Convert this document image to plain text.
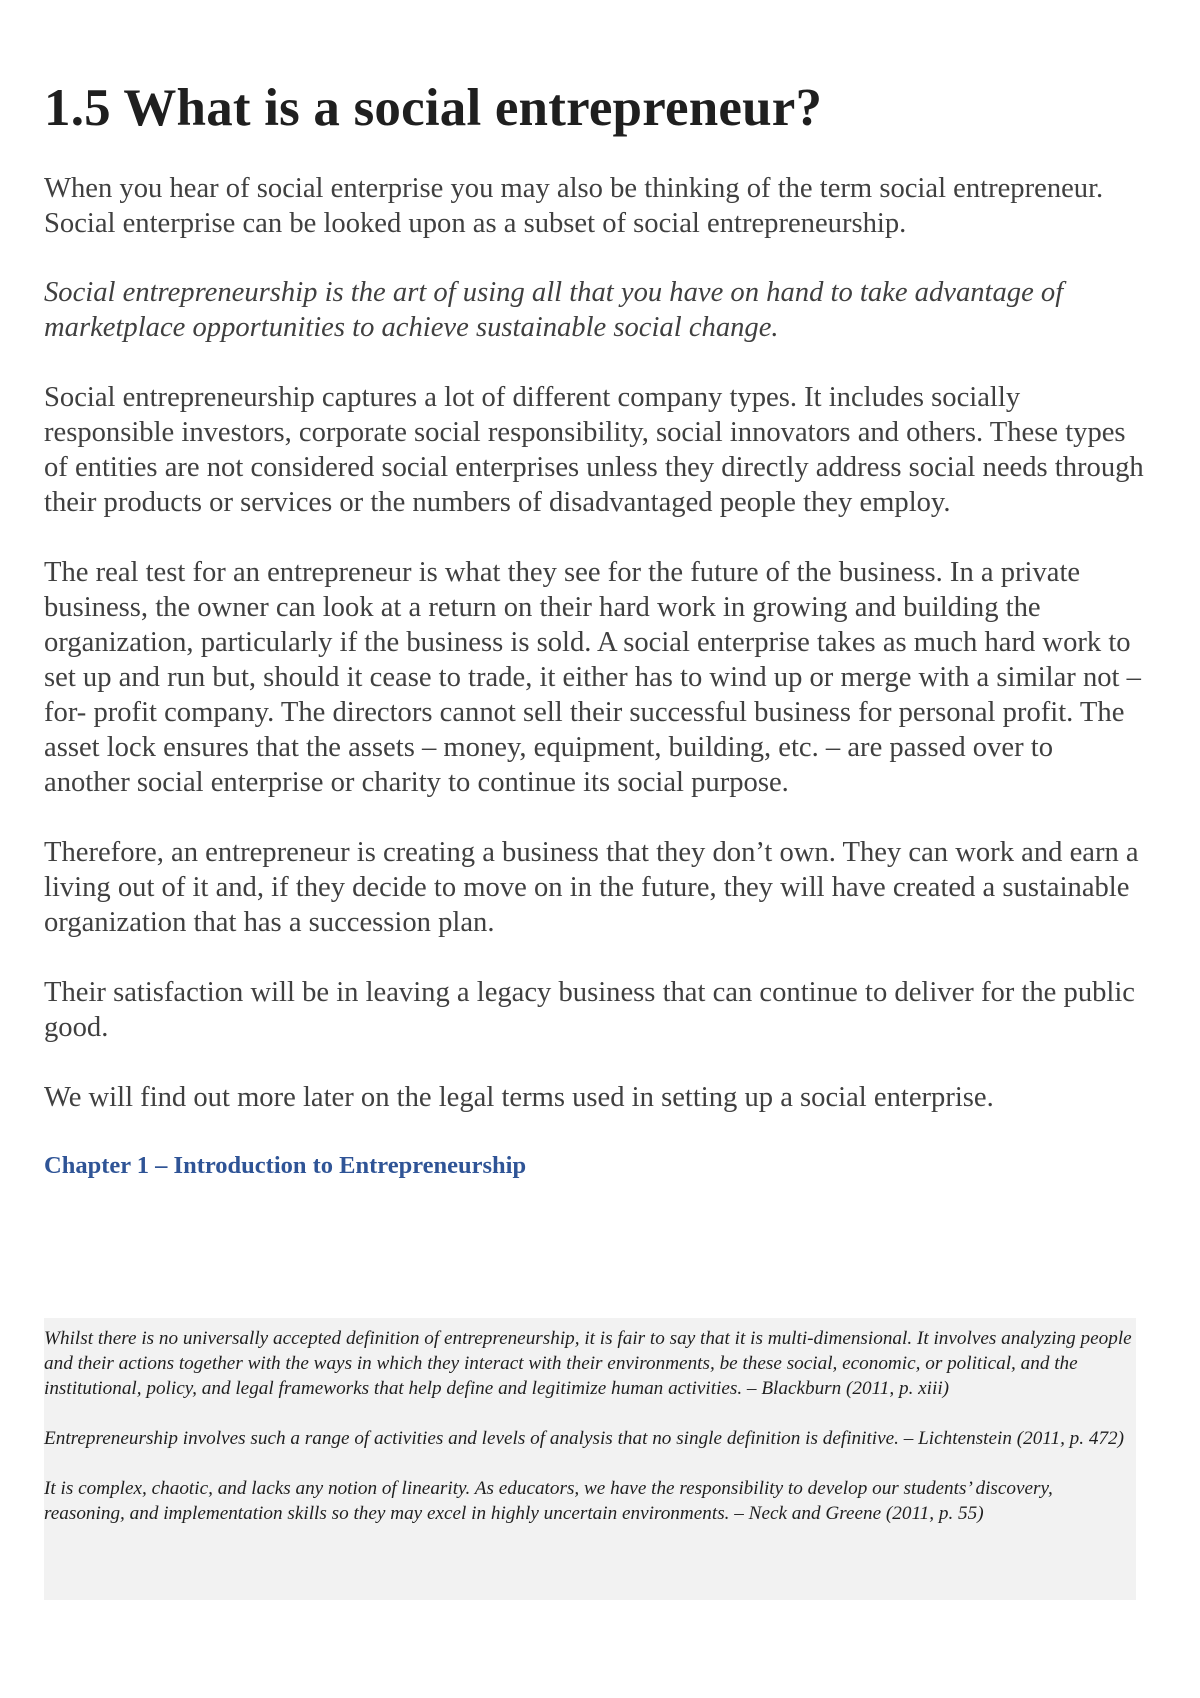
1.5 What is a social entrepreneur?

When you hear of social enterprise you may also be thinking of the term social entrepreneur. Social enterprise can be looked upon as a subset of social entrepreneurship.

Social entrepreneurship is the art of using all that you have on hand to take advantage of marketplace opportunities to achieve sustainable social change.

Social entrepreneurship captures a lot of different company types. It includes socially responsible investors, corporate social responsibility, social innovators and others. These types of entities are not considered social enterprises unless they directly address social needs through their products or services or the numbers of disadvantaged people they employ.

The real test for an entrepreneur is what they see for the future of the business. In a private business, the owner can look at a return on their hard work in growing and building the organization, particularly if the business is sold. A social enterprise takes as much hard work to set up and run but, should it cease to trade, it either has to wind up or merge with a similar not –for- profit company. The directors cannot sell their successful business for personal profit. The asset lock ensures that the assets – money, equipment, building, etc. – are passed over to another social enterprise or charity to continue its social purpose.

Therefore, an entrepreneur is creating a business that they don’t own. They can work and earn a living out of it and, if they decide to move on in the future, they will have created a sustainable organization that has a succession plan.

Their satisfaction will be in leaving a legacy business that can continue to deliver for the public good.

We will find out more later on the legal terms used in setting up a social enterprise.

Chapter 1 – Introduction to Entrepreneurship

Whilst there is no universally accepted definition of entrepreneurship, it is fair to say that it is multi-dimensional. It involves analyzing people and their actions together with the ways in which they interact with their environments, be these social, economic, or political, and the institutional, policy, and legal frameworks that help define and legitimize human activities. – Blackburn (2011, p. xiii)

Entrepreneurship involves such a range of activities and levels of analysis that no single definition is definitive. – Lichtenstein (2011, p. 472)

It is complex, chaotic, and lacks any notion of linearity. As educators, we have the responsibility to develop our students’ discovery, reasoning, and implementation skills so they may excel in highly uncertain environments. – Neck and Greene (2011, p. 55)
